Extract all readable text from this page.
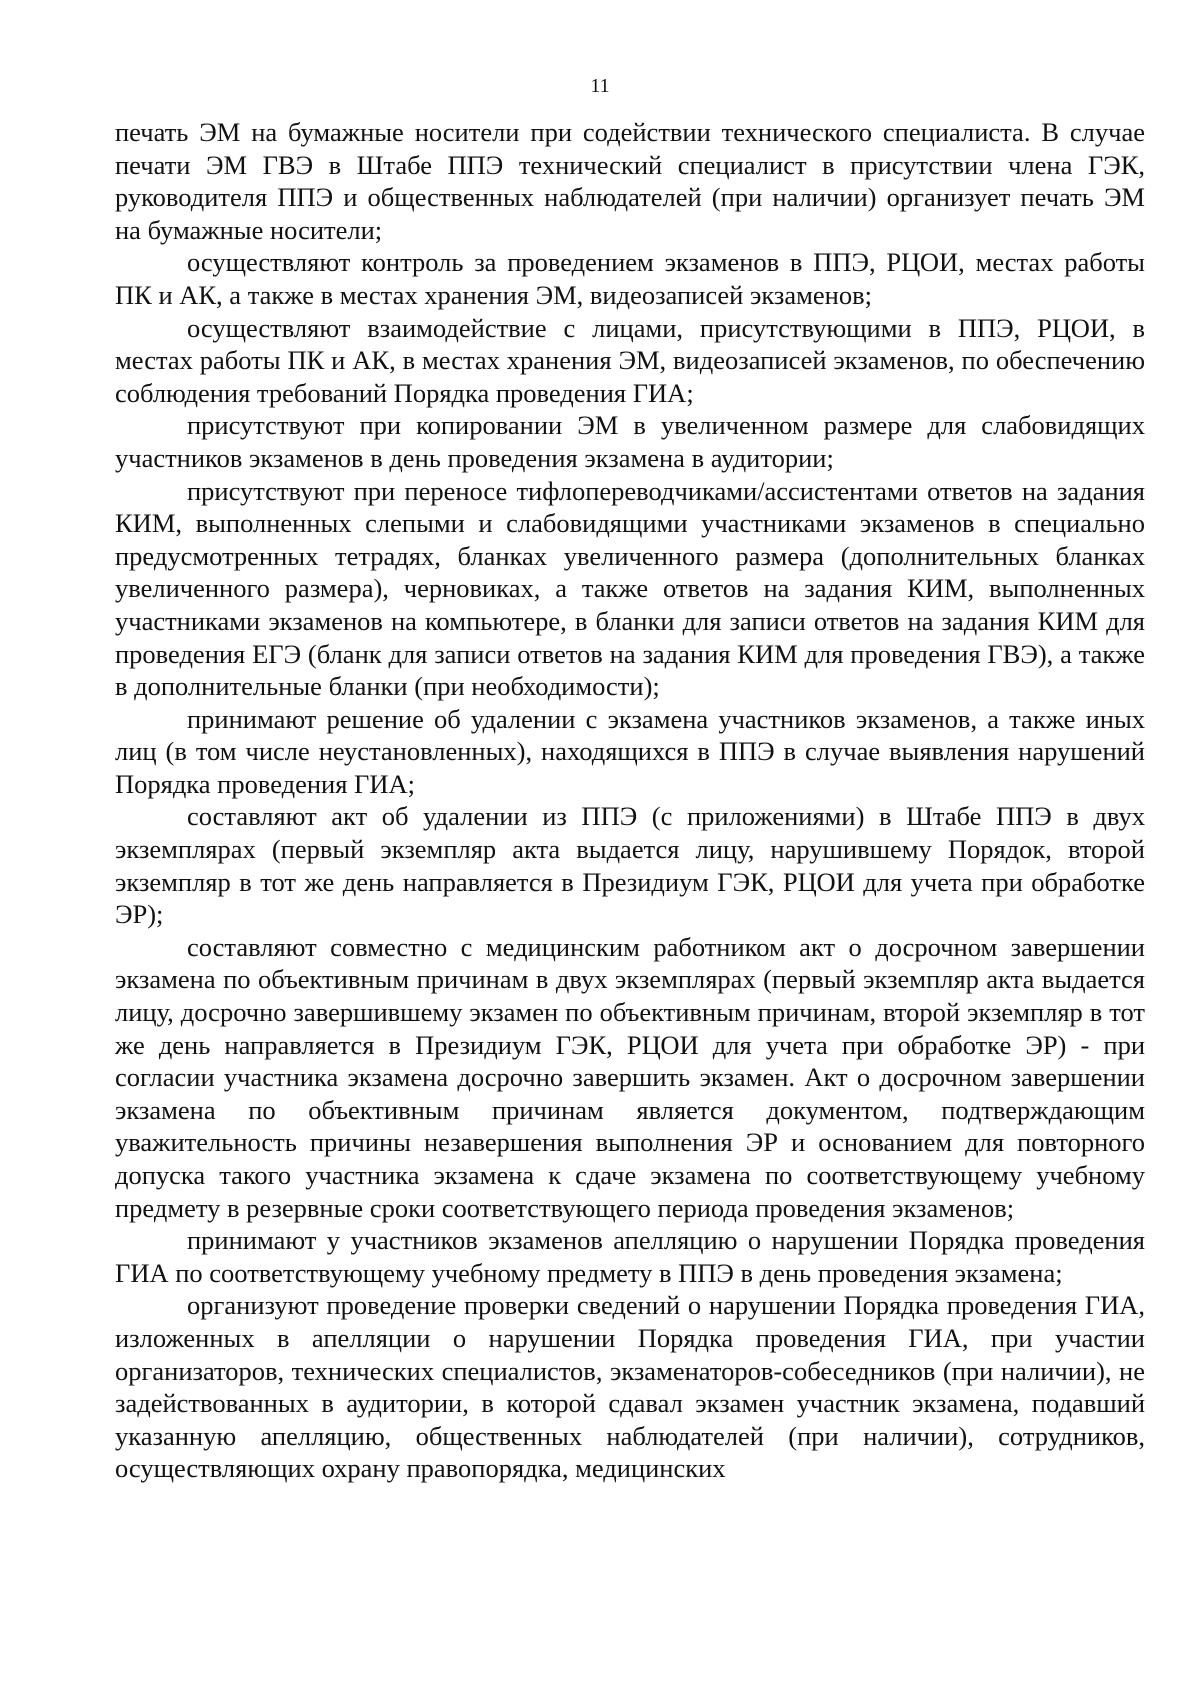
11

печать ЭМ на бумажные носители при содействии технического специалиста. В случае печати ЭМ ГВЭ в Штабе ППЭ технический специалист в присутствии члена ГЭК, руководителя ППЭ и общественных наблюдателей (при наличии) организует печать ЭМ на бумажные носители;

осуществляют контроль за проведением экзаменов в ППЭ, РЦОИ, местах работы ПК и АК, а также в местах хранения ЭМ, видеозаписей экзаменов;

осуществляют взаимодействие с лицами, присутствующими в ППЭ, РЦОИ, в местах работы ПК и АК, в местах хранения ЭМ, видеозаписей экзаменов, по обеспечению соблюдения требований Порядка проведения ГИА;

присутствуют при копировании ЭМ в увеличенном размере для слабовидящих участников экзаменов в день проведения экзамена в аудитории;

присутствуют при переносе тифлопереводчиками/ассистентами ответов на задания КИМ, выполненных слепыми и слабовидящими участниками экзаменов в специально предусмотренных тетрадях, бланках увеличенного размера (дополнительных бланках увеличенного размера), черновиках, а также ответов на задания КИМ, выполненных участниками экзаменов на компьютере, в бланки для записи ответов на задания КИМ для проведения ЕГЭ (бланк для записи ответов на задания КИМ для проведения ГВЭ), а также в дополнительные бланки (при необходимости);

принимают решение об удалении с экзамена участников экзаменов, а также иных лиц (в том числе неустановленных), находящихся в ППЭ в случае выявления нарушений Порядка проведения ГИА;

составляют акт об удалении из ППЭ (с приложениями) в Штабе ППЭ в двух экземплярах (первый экземпляр акта выдается лицу, нарушившему Порядок, второй экземпляр в тот же день направляется в Президиум ГЭК, РЦОИ для учета при обработке ЭР);

составляют совместно с медицинским работником акт о досрочном завершении экзамена по объективным причинам в двух экземплярах (первый экземпляр акта выдается лицу, досрочно завершившему экзамен по объективным причинам, второй экземпляр в тот же день направляется в Президиум ГЭК, РЦОИ для учета при обработке ЭР) - при согласии участника экзамена досрочно завершить экзамен. Акт о досрочном завершении экзамена по объективным причинам является документом, подтверждающим уважительность причины незавершения выполнения ЭР и основанием для повторного допуска такого участника экзамена к сдаче экзамена по соответствующему учебному предмету в резервные сроки соответствующего периода проведения экзаменов;

принимают у участников экзаменов апелляцию о нарушении Порядка проведения ГИА по соответствующему учебному предмету в ППЭ в день проведения экзамена;

организуют проведение проверки сведений о нарушении Порядка проведения ГИА, изложенных в апелляции о нарушении Порядка проведения ГИА, при участии организаторов, технических специалистов, экзаменаторов-собеседников (при наличии), не задействованных в аудитории, в которой сдавал экзамен участник экзамена, подавший указанную апелляцию, общественных наблюдателей (при наличии), сотрудников, осуществляющих охрану правопорядка, медицинских
